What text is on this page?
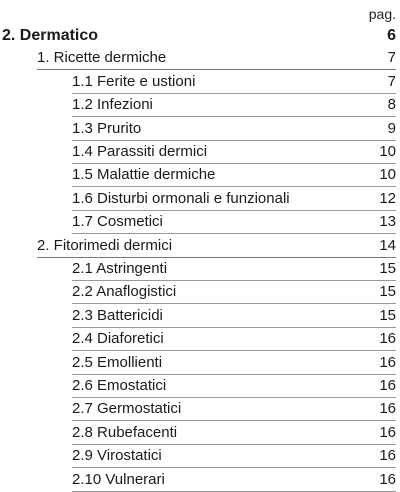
pag.
2. Dermatico	6
1. Ricette dermiche	7
1.1 Ferite e ustioni	7
1.2 Infezioni	8
1.3 Prurito	9
1.4 Parassiti dermici	10
1.5 Malattie dermiche	10
1.6 Disturbi ormonali e funzionali	12
1.7 Cosmetici	13
2. Fitorimedi dermici	14
2.1 Astringenti	15
2.2 Anaflogistici	15
2.3 Battericidi	15
2.4 Diaforetici	16
2.5 Emollienti	16
2.6 Emostatici	16
2.7 Germostatici	16
2.8 Rubefacenti	16
2.9 Virostatici	16
2.10 Vulnerari	16
